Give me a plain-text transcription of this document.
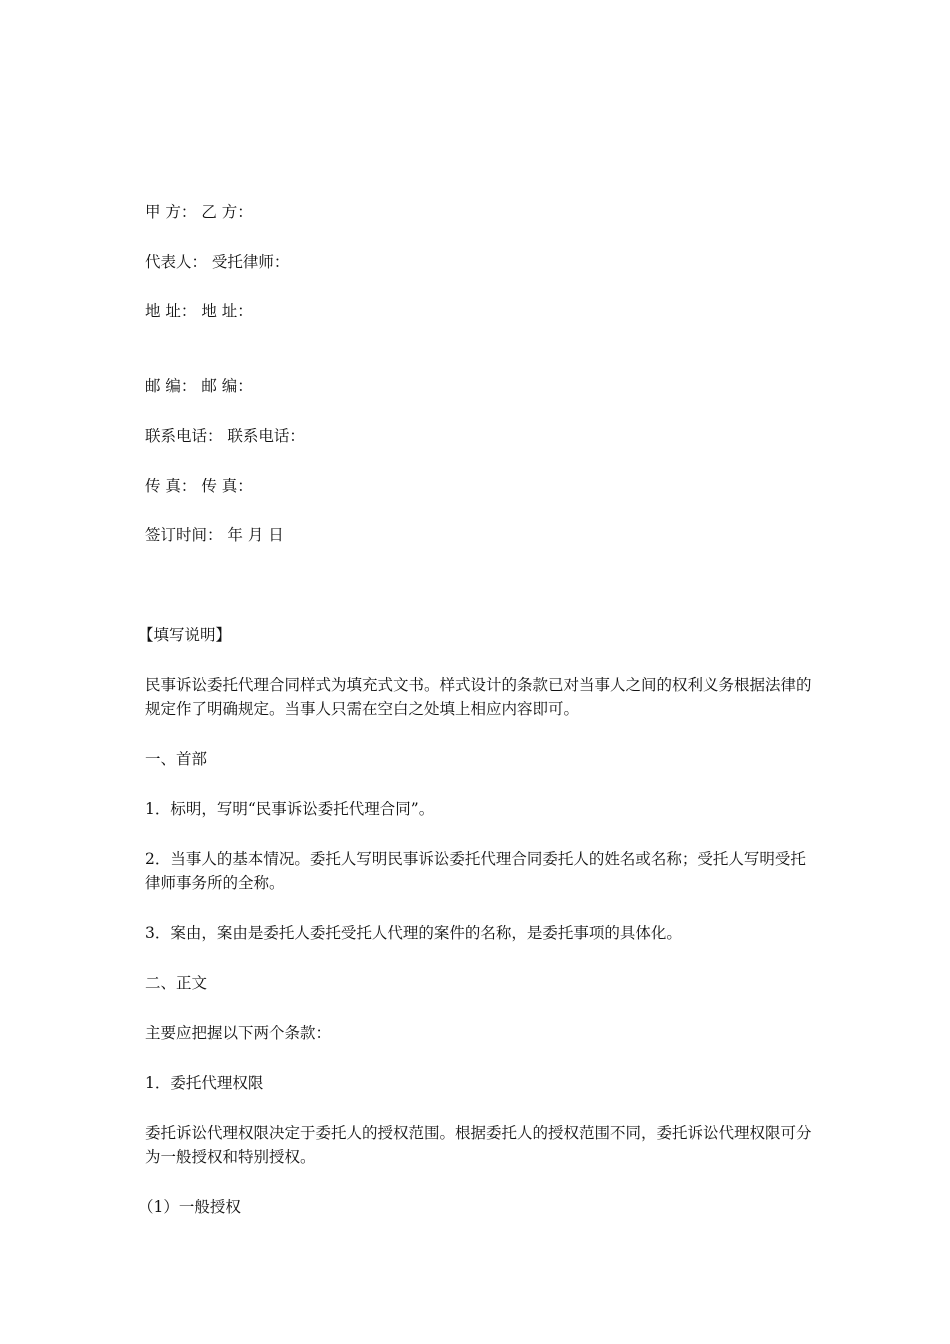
甲 方： 乙 方：
代表人： 受托律师：
地 址： 地 址：
邮 编： 邮 编：
联系电话： 联系电话：
传 真： 传 真：
签订时间： 年 月 日
【填写说明】
民事诉讼委托代理合同样式为填充式文书。样式设计的条款已对当事人之间的权利义务根据法律的规定作了明确规定。当事人只需在空白之处填上相应内容即可。
一、首部
1．标明，写明“民事诉讼委托代理合同”。
2．当事人的基本情况。委托人写明民事诉讼委托代理合同委托人的姓名或名称；受托人写明受托律师事务所的全称。
3．案由，案由是委托人委托受托人代理的案件的名称，是委托事项的具体化。
二、正文
主要应把握以下两个条款：
1．委托代理权限
委托诉讼代理权限决定于委托人的授权范围。根据委托人的授权范围不同，委托诉讼代理权限可分为一般授权和特别授权。
（1）一般授权
